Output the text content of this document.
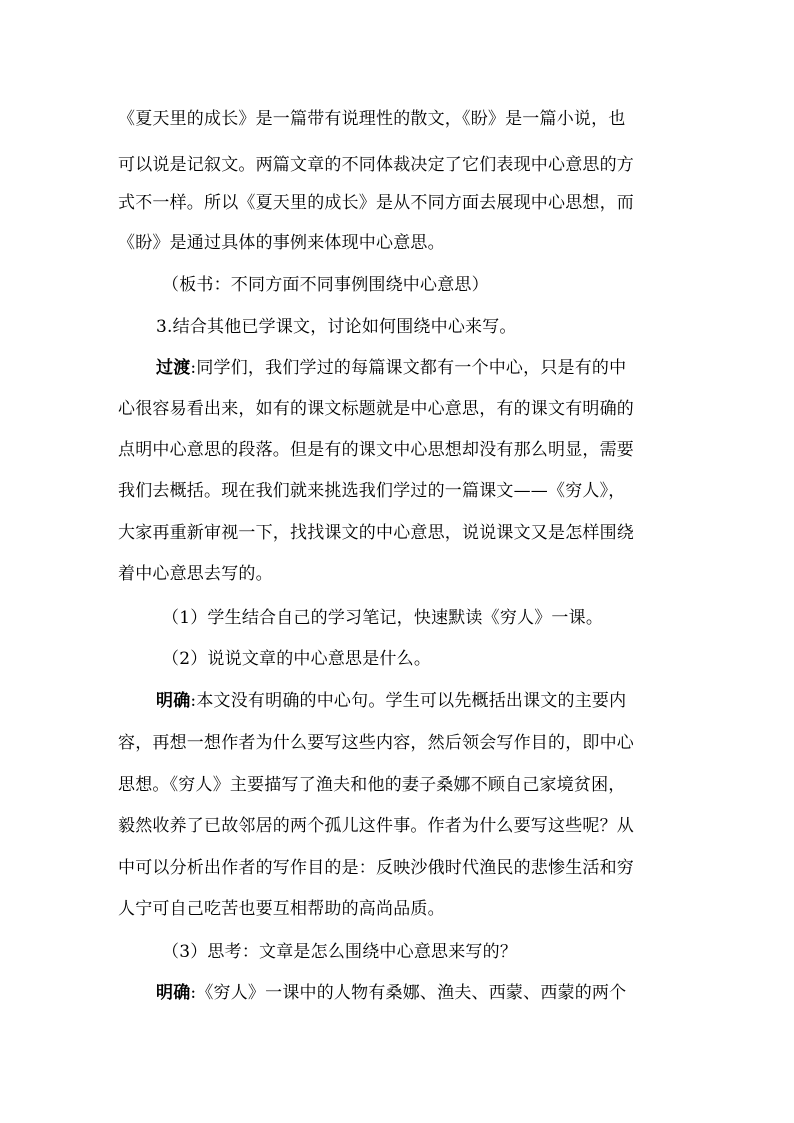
《夏天里的成长》是一篇带有说理性的散文，《盼》是一篇小说，也
可以说是记叙文。两篇文章的不同体裁决定了它们表现中心意思的方
式不一样。所以《夏天里的成长》是从不同方面去展现中心思想，而
《盼》是通过具体的事例来体现中心意思。
（板书：不同方面不同事例围绕中心意思）
3.结合其他已学课文，讨论如何围绕中心来写。
过渡:同学们，我们学过的每篇课文都有一个中心，只是有的中
心很容易看出来，如有的课文标题就是中心意思，有的课文有明确的
点明中心意思的段落。但是有的课文中心思想却没有那么明显，需要
我们去概括。现在我们就来挑选我们学过的一篇课文——《穷人》，
大家再重新审视一下，找找课文的中心意思，说说课文又是怎样围绕
着中心意思去写的。
（1）学生结合自己的学习笔记，快速默读《穷人》一课。
（2）说说文章的中心意思是什么。
明确:本文没有明确的中心句。学生可以先概括出课文的主要内
容，再想一想作者为什么要写这些内容，然后领会写作目的，即中心
思想。《穷人》主要描写了渔夫和他的妻子桑娜不顾自己家境贫困，
毅然收养了已故邻居的两个孤儿这件事。作者为什么要写这些呢？从
中可以分析出作者的写作目的是：反映沙俄时代渔民的悲惨生活和穷
人宁可自己吃苦也要互相帮助的高尚品质。
（3）思考：文章是怎么围绕中心意思来写的？
明确:《穷人》一课中的人物有桑娜、渔夫、西蒙、西蒙的两个
